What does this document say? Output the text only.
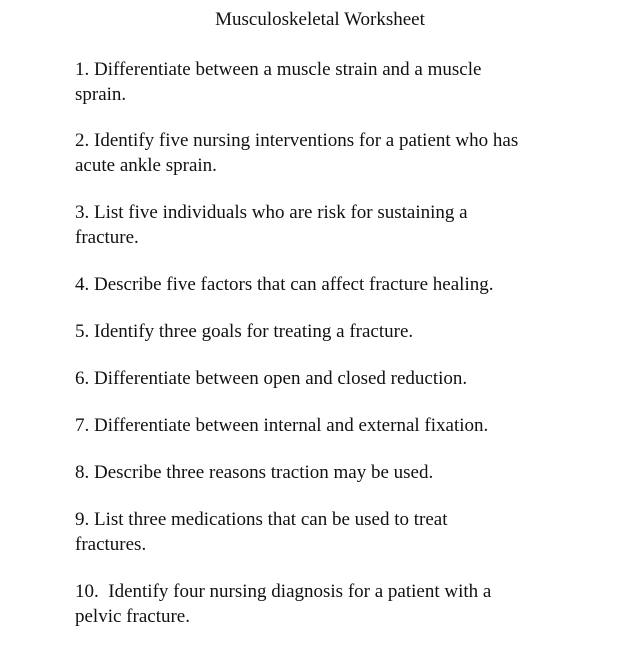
Musculoskeletal Worksheet
1. Differentiate between a muscle strain and a muscle
sprain.
2. Identify five nursing interventions for a patient who has
acute ankle sprain.
3. List five individuals who are risk for sustaining a
fracture.
4. Describe five factors that can affect fracture healing.
5. Identify three goals for treating a fracture.
6. Differentiate between open and closed reduction.
7. Differentiate between internal and external fixation.
8. Describe three reasons traction may be used.
9. List three medications that can be used to treat
fractures.
10.  Identify four nursing diagnosis for a patient with a
pelvic fracture.
